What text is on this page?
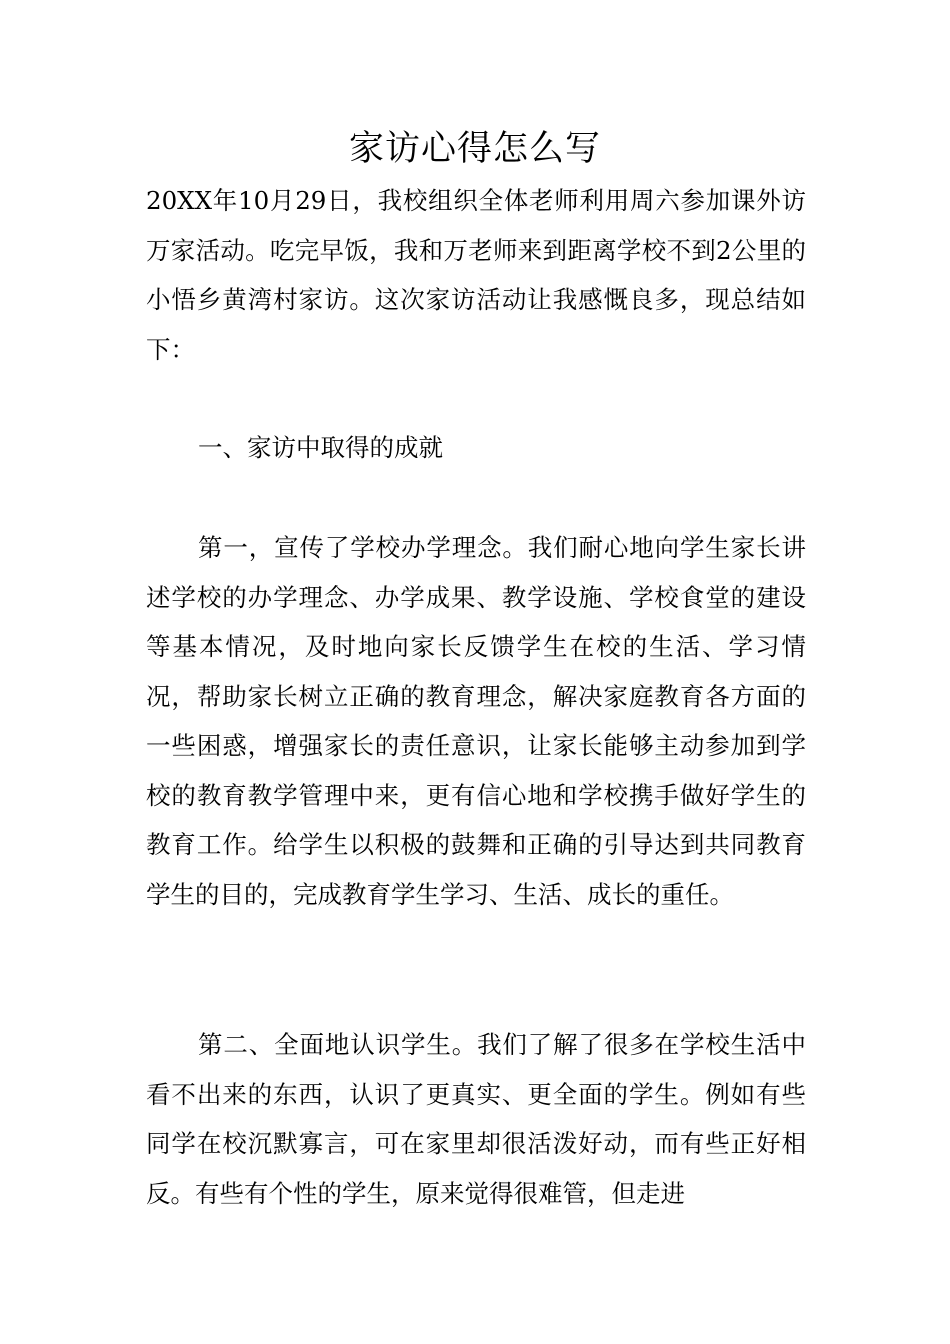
家访心得怎么写

20XX年10月29日，我校组织全体老师利用周六参加课外访万家活动。吃完早饭，我和万老师来到距离学校不到2公里的小悟乡黄湾村家访。这次家访活动让我感慨良多，现总结如下：

一、家访中取得的成就

第一，宣传了学校办学理念。我们耐心地向学生家长讲述学校的办学理念、办学成果、教学设施、学校食堂的建设等基本情况，及时地向家长反馈学生在校的生活、学习情况，帮助家长树立正确的教育理念，解决家庭教育各方面的一些困惑，增强家长的责任意识，让家长能够主动参加到学校的教育教学管理中来，更有信心地和学校携手做好学生的教育工作。给学生以积极的鼓舞和正确的引导达到共同教育学生的目的，完成教育学生学习、生活、成长的重任。

第二、全面地认识学生。我们了解了很多在学校生活中看不出来的东西，认识了更真实、更全面的学生。例如有些同学在校沉默寡言，可在家里却很活泼好动，而有些正好相反。有些有个性的学生，原来觉得很难管，但走进
